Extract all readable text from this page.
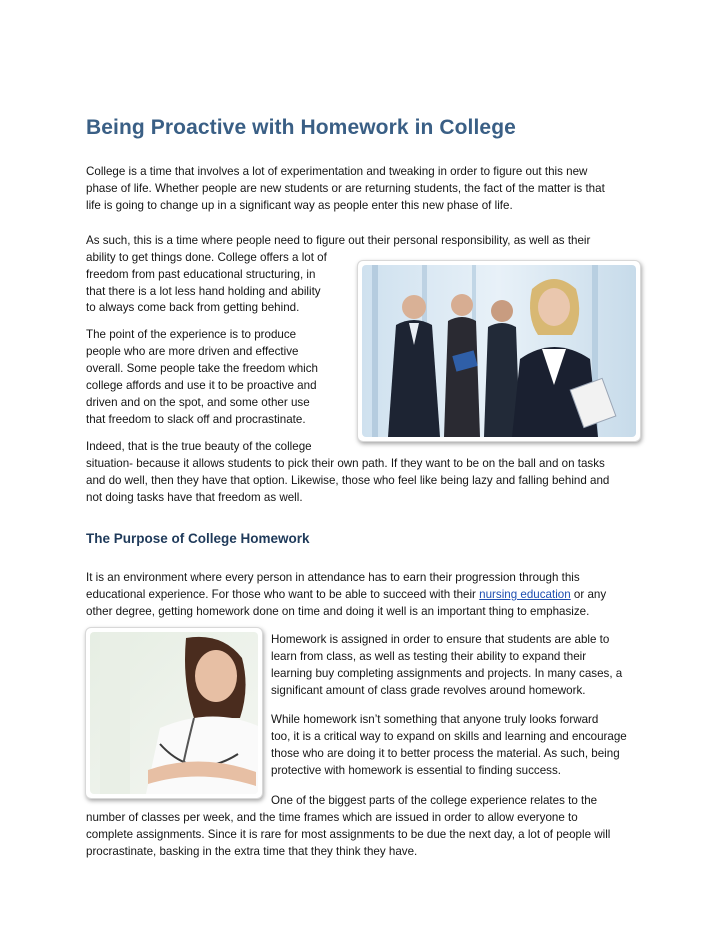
Being Proactive with Homework in College

College is a time that involves a lot of experimentation and tweaking in order to figure out this new

phase of life. Whether people are new students or are returning students, the fact of the matter is that

life is going to change up in a significant way as people enter this new phase of life.

As such, this is a time where people need to figure out their personal responsibility, as well as their

ability to get things done. College offers a lot of

freedom from past educational structuring, in

that there is a lot less hand holding and ability

to always come back from getting behind.

The point of the experience is to produce

people who are more driven and effective

overall. Some people take the freedom which

college affords and use it to be proactive and

driven and on the spot, and some other use

that freedom to slack off and procrastinate.

Indeed, that is the true beauty of the college

situation- because it allows students to pick their own path. If they want to be on the ball and on tasks

and do well, then they have that option. Likewise, those who feel like being lazy and falling behind and

not doing tasks have that freedom as well.

The Purpose of College Homework

It is an environment where every person in attendance has to earn their progression through this

educational experience. For those who want to be able to succeed with their nursing education or any

other degree, getting homework done on time and doing it well is an important thing to emphasize.

Homework is assigned in order to ensure that students are able to

learn from class, as well as testing their ability to expand their

learning buy completing assignments and projects. In many cases, a

significant amount of class grade revolves around homework.

While homework isn’t something that anyone truly looks forward

too, it is a critical way to expand on skills and learning and encourage

those who are doing it to better process the material. As such, being

protective with homework is essential to finding success.

One of the biggest parts of the college experience relates to the

number of classes per week, and the time frames which are issued in order to allow everyone to

complete assignments. Since it is rare for most assignments to be due the next day, a lot of people will

procrastinate, basking in the extra time that they think they have.
